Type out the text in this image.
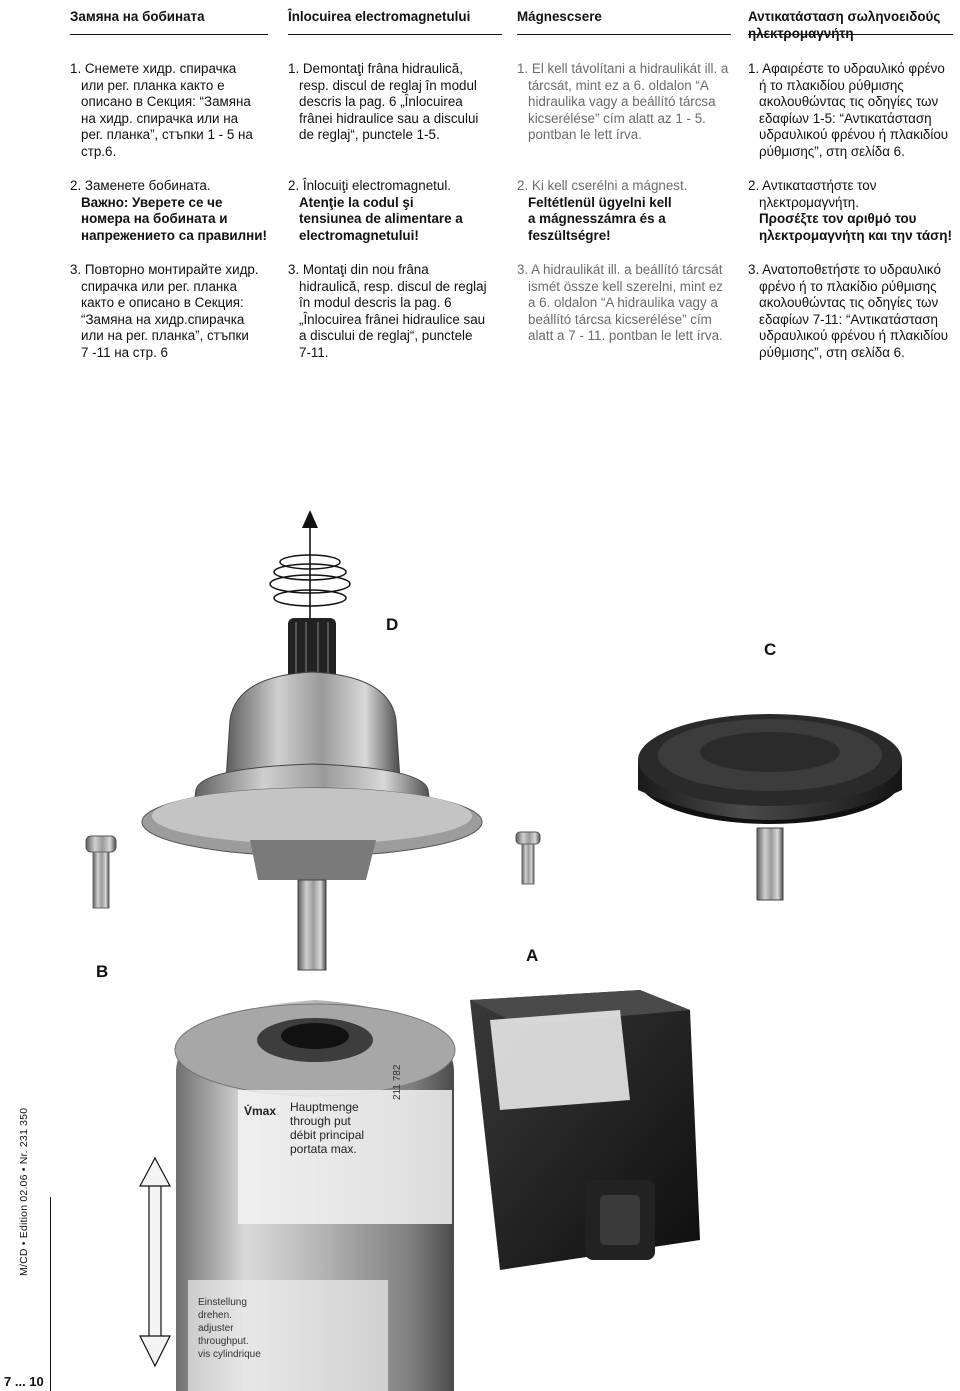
Замяна на бобината	Înlocuirea electromagnetului	Mágnescsere	Αντικατάσταση σωληνοειδούς
1. Снемете хидр. спирачка
или рег. планка както е
описано в Секция: “Замяна
на хидр. спирачка или на
рег. планка”, стъпки 1 - 5 на
стр.6.
2. Заменете бобината.
Важно: Уверете се че
номера на бобината и
напрежението са правилни!
3. Повторно монтирайте хидр.
спирачка или рег. планка
както е описано в Секция:
“Замяна на хидр.спирачка
или на рег. планка”, стъпки
7 -11 на стр. 6
1. Demontaţi frâna hidraulică,
resp. discul de reglaj în modul
descris la pag. 6 „Înlocuirea
frânei hidraulice sau a discului
de reglaj“, punctele 1-5.
2. Înlocuiţi electromagnetul.
Atenţie la codul şi
tensiunea de alimentare a
electromagnetului!
3. Montaţi din nou frâna
hidraulică, resp. discul de reglaj
în modul descris la pag. 6
„Înlocuirea frânei hidraulice sau
a discului de reglaj“, punctele
7-11.
1. El kell távolítani a hidraulikát ill. a
tárcsát, mint ez a 6. oldalon “A
hidraulika vagy a beállító tárcsa
kicserélése” cím alatt az 1 - 5.
pontban le lett írva.
2. Ki kell cserélni a mágnest.
Feltétlenül ügyelni kell
a mágnesszámra és a
feszültségre!
3. A hidraulikát ill. a beállító tárcsát
ismét össze kell szerelni, mint ez
a 6. oldalon “A hidraulika vagy a
beállító tárcsa kicserélése” cím
alatt a 7 - 11. pontban le lett írva.
1. Αφαιρέστε το υδραυλικό φρένο
ή το πλακιδίου ρύθμισης
ακολουθώντας τις οδηγίες των
εδαφίων 1-5: “Αντικατάσταση
υδραυλικού φρένου ή πλακιδίου
ρύθμισης”, στη σελίδα 6.
2. Αντικαταστήστε τον
ηλεκτρομαγνήτη.
Προσέξτε τον αριθμό του
ηλεκτρομαγνήτη και την τάση!
3. Ανατοποθετήστε το υδραυλικό
φρένο ή το πλακίδιο ρύθμισης
ακολουθώντας τις οδηγίες των
εδαφίων 7-11: “Αντικατάσταση
υδραυλικού φρένου ή πλακιδίου
ρύθμισης”, στη σελίδα 6.
V̇max Hauptmenge
through put
débit principal
portata max.
211 782
Einstellung
drehen.
adjuster
throughput.
vis cylindrique
D
C
B
A
M/CD • Edition 02.06 • Nr. 231 350
7 ... 10
